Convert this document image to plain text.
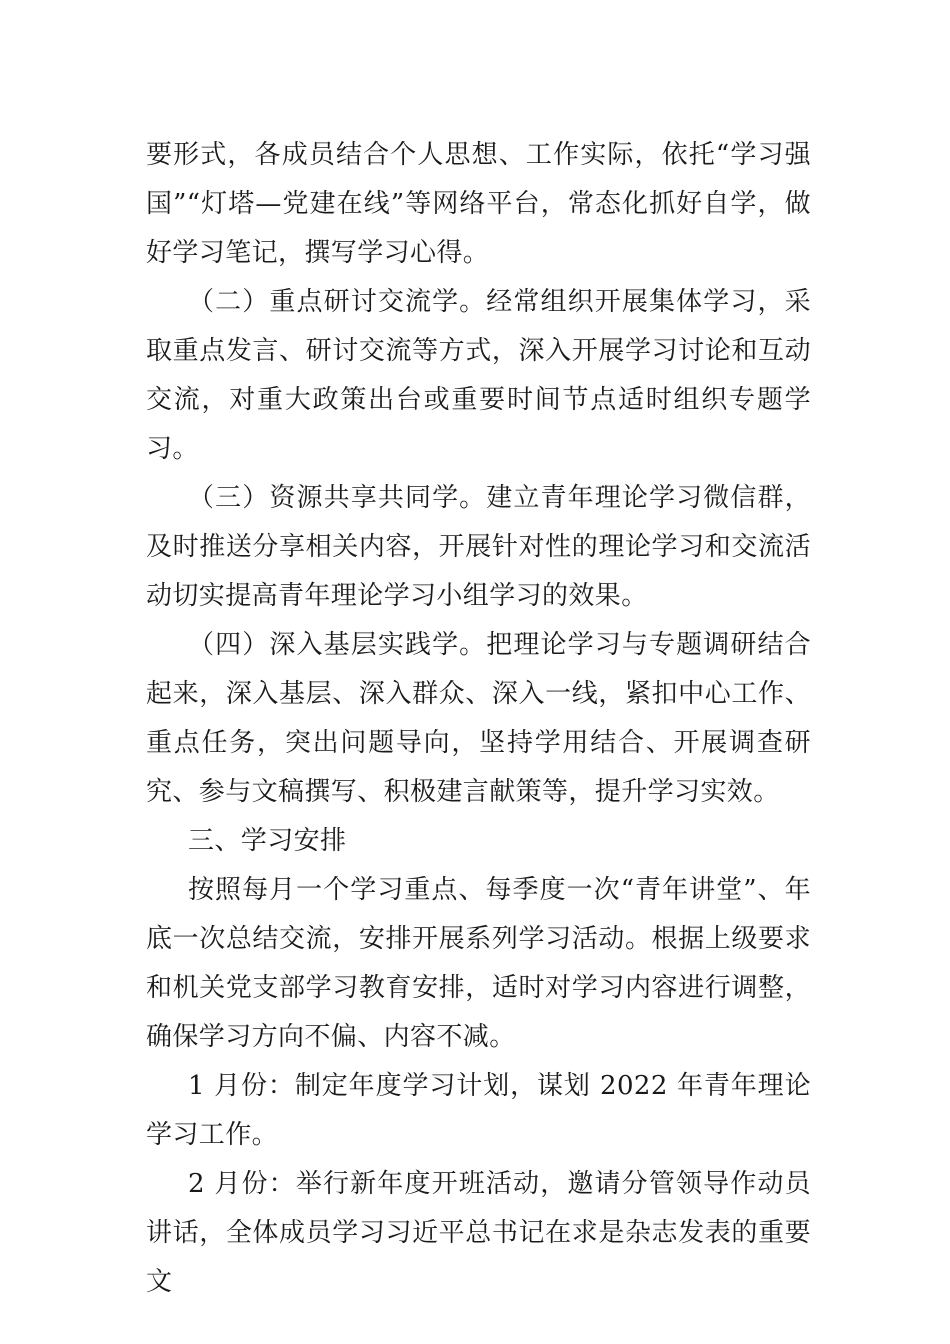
要形式，各成员结合个人思想、工作实际，依托“学习强国”“灯塔—党建在线”等网络平台，常态化抓好自学，做好学习笔记，撰写学习心得。

（二）重点研讨交流学。经常组织开展集体学习，采取重点发言、研讨交流等方式，深入开展学习讨论和互动交流，对重大政策出台或重要时间节点适时组织专题学习。

（三）资源共享共同学。建立青年理论学习微信群，及时推送分享相关内容，开展针对性的理论学习和交流活动切实提高青年理论学习小组学习的效果。

（四）深入基层实践学。把理论学习与专题调研结合起来，深入基层、深入群众、深入一线，紧扣中心工作、重点任务，突出问题导向，坚持学用结合、开展调查研究、参与文稿撰写、积极建言献策等，提升学习实效。

三、学习安排

按照每月一个学习重点、每季度一次“青年讲堂”、年底一次总结交流，安排开展系列学习活动。根据上级要求和机关党支部学习教育安排，适时对学习内容进行调整，确保学习方向不偏、内容不减。

1 月份：制定年度学习计划，谋划 2022 年青年理论学习工作。

2 月份：举行新年度开班活动，邀请分管领导作动员讲话，全体成员学习习近平总书记在求是杂志发表的重要文
